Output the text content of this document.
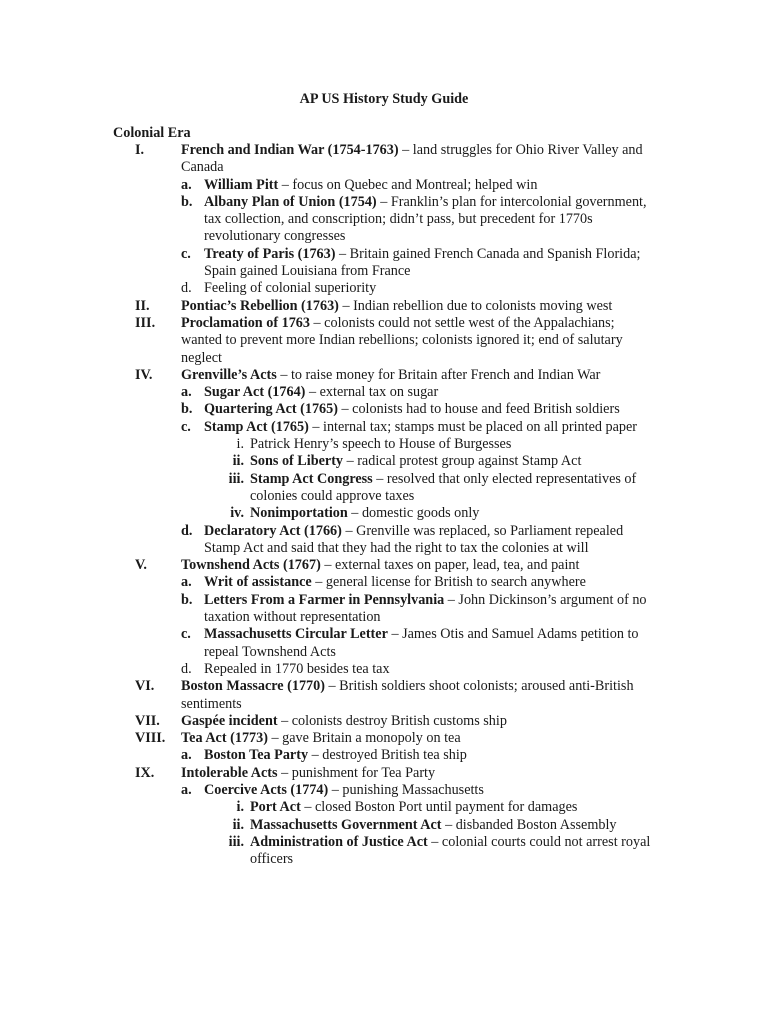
AP US History Study Guide
Colonial Era
I.	French and Indian War (1754-1763) – land struggles for Ohio River Valley and Canada
a. William Pitt – focus on Quebec and Montreal; helped win
b. Albany Plan of Union (1754) – Franklin’s plan for intercolonial government, tax collection, and conscription; didn’t pass, but precedent for 1770s revolutionary congresses
c. Treaty of Paris (1763) – Britain gained French Canada and Spanish Florida; Spain gained Louisiana from France
d. Feeling of colonial superiority
II. Pontiac’s Rebellion (1763) – Indian rebellion due to colonists moving west
III. Proclamation of 1763 – colonists could not settle west of the Appalachians; wanted to prevent more Indian rebellions; colonists ignored it; end of salutary neglect
IV. Grenville’s Acts – to raise money for Britain after French and Indian War
a. Sugar Act (1764) – external tax on sugar
b. Quartering Act (1765) – colonists had to house and feed British soldiers
c. Stamp Act (1765) – internal tax; stamps must be placed on all printed paper
i. Patrick Henry’s speech to House of Burgesses
ii. Sons of Liberty – radical protest group against Stamp Act
iii. Stamp Act Congress – resolved that only elected representatives of colonies could approve taxes
iv. Nonimportation – domestic goods only
d. Declaratory Act (1766) – Grenville was replaced, so Parliament repealed Stamp Act and said that they had the right to tax the colonies at will
V. Townshend Acts (1767) – external taxes on paper, lead, tea, and paint
a. Writ of assistance – general license for British to search anywhere
b. Letters From a Farmer in Pennsylvania – John Dickinson’s argument of no taxation without representation
c. Massachusetts Circular Letter – James Otis and Samuel Adams petition to repeal Townshend Acts
d. Repealed in 1770 besides tea tax
VI. Boston Massacre (1770) – British soldiers shoot colonists; aroused anti-British sentiments
VII. Gaspée incident – colonists destroy British customs ship
VIII. Tea Act (1773) – gave Britain a monopoly on tea
a. Boston Tea Party – destroyed British tea ship
IX. Intolerable Acts – punishment for Tea Party
a. Coercive Acts (1774) – punishing Massachusetts
i. Port Act – closed Boston Port until payment for damages
ii. Massachusetts Government Act – disbanded Boston Assembly
iii. Administration of Justice Act – colonial courts could not arrest royal officers
